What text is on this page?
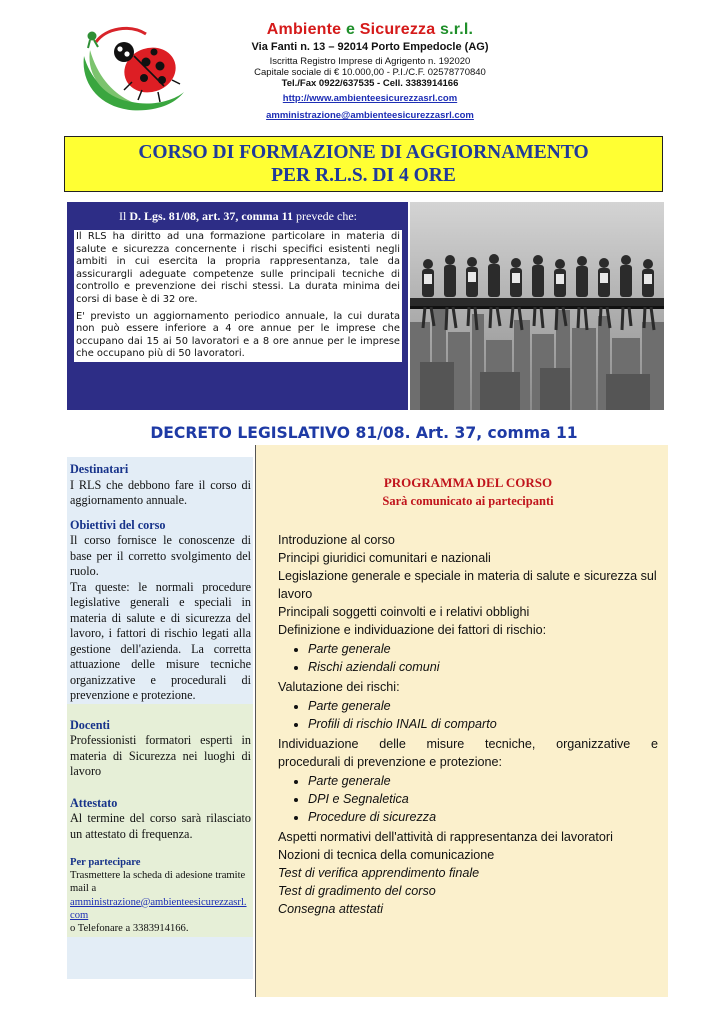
Ambiente e Sicurezza s.r.l.
Via Fanti n. 13 – 92014 Porto Empedocle (AG)
Iscritta Registro Imprese di Agrigento n. 192020
Capitale sociale di € 10.000,00 - P.I./C.F. 02578770840
Tel./Fax 0922/637535 - Cell. 3383914166
http://www.ambienteesicurezzasrl.com
amministrazione@ambienteesicurezzasrl.com
CORSO DI FORMAZIONE DI AGGIORNAMENTO
PER R.L.S. DI 4 ORE
Il D. Lgs. 81/08, art. 37, comma 11 prevede che:

Il RLS ha diritto ad una formazione particolare in materia di salute e sicurezza concernente i rischi specifici esistenti negli ambiti in cui esercita la propria rappresentanza, tale da assicurargli adeguate competenze sulle principali tecniche di controllo e prevenzione dei rischi stessi. La durata minima dei corsi di base è di 32 ore.

E' previsto un aggiornamento periodico annuale, la cui durata non può essere inferiore a 4 ore annue per le imprese che occupano dai 15 ai 50 lavoratori e a 8 ore annue per le imprese che occupano più di 50 lavoratori.

DECRETO LEGISLATIVO 81/08. Art. 37, comma 11
Destinatari

I RLS che debbono fare il corso di aggiornamento annuale.

Obiettivi del corso

Il corso fornisce le conoscenze di base per il corretto svolgimento del ruolo.

Tra queste: le normali procedure legislative generali e speciali in materia di salute e di sicurezza del lavoro, i fattori di rischio legati alla gestione dell'azienda. La corretta attuazione delle misure tecniche organizzative e procedurali di prevenzione e protezione.

Docenti

Professionisti formatori esperti in materia di Sicurezza nei luoghi di lavoro

Attestato

Al termine del corso sarà rilasciato un attestato di frequenza.

Per partecipare

Trasmettere la scheda di adesione tramite mail a

amministrazione@ambienteesicurezzasrl.com

o Telefonare a 3383914166.

PROGRAMMA DEL CORSO
Sarà comunicato ai partecipanti

Introduzione al corso

Principi giuridici comunitari e nazionali

Legislazione generale e speciale in materia di salute e sicurezza sul lavoro

Principali soggetti coinvolti e i relativi obblighi

Definizione e individuazione dei fattori di rischio:

• Parte generale
• Rischi aziendali comuni

Valutazione dei rischi:

• Parte generale
• Profili di rischio INAIL di comparto

Individuazione delle misure tecniche, organizzative e

procedurali di prevenzione e protezione:

• Parte generale
• DPI e Segnaletica
• Procedure di sicurezza

Aspetti normativi dell'attività di rappresentanza dei lavoratori

Nozioni di tecnica della comunicazione

Test di verifica apprendimento finale

Test di gradimento del corso

Consegna attestati
